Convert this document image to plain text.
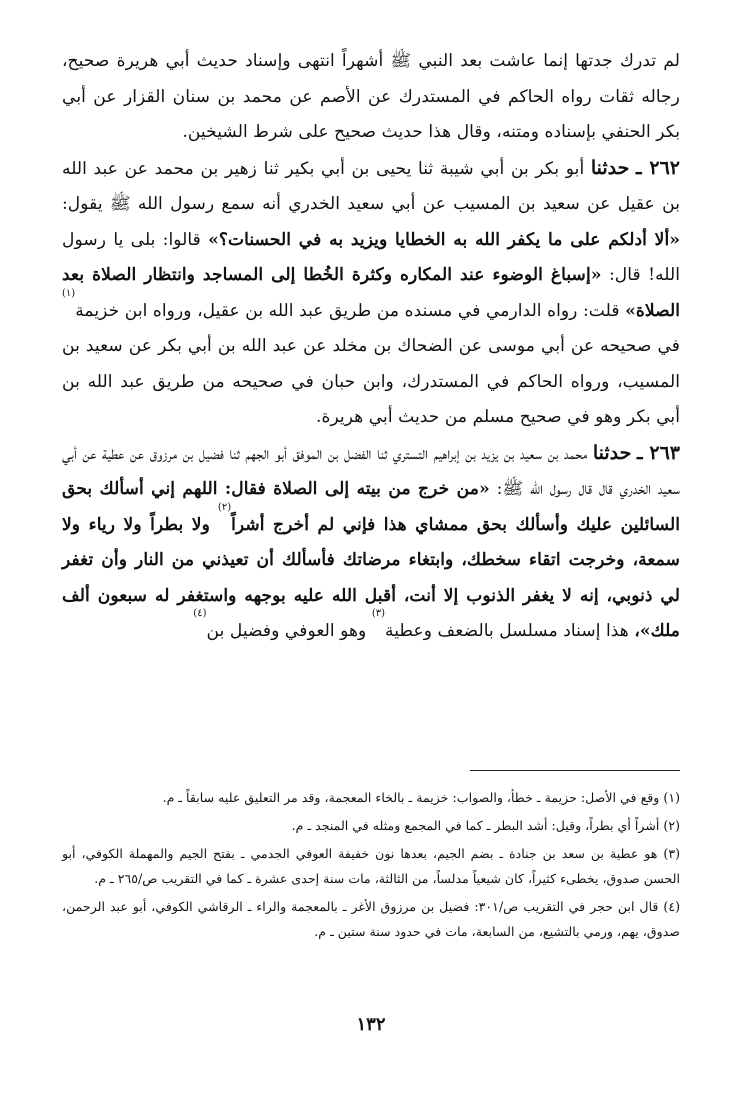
لم تدرك جدتها إنما عاشت بعد النبي ﷺ أشهراً انتهى وإسناد حديث أبي هريرة صحيح، رجاله ثقات رواه الحاكم في المستدرك عن الأصم عن محمد بن سنان القزار عن أبي بكر الحنفي بإسناده ومتنه، وقال هذا حديث صحيح على شرط الشيخين.

٢٦٢ ـ حدثنا أبو بكر بن أبي شيبة ثنا يحيى بن أبي بكير ثنا زهير بن محمد عن عبد الله بن عقيل عن سعيد بن المسيب عن أبي سعيد الخدري أنه سمع رسول الله ﷺ يقول: «ألا أدلكم على ما يكفر الله به الخطايا ويزيد به في الحسنات؟» قالوا: بلى يا رسول الله! قال: «إسباغ الوضوء عند المكاره وكثرة الخُطا إلى المساجد وانتظار الصلاة بعد الصلاة» قلت: رواه الدارمي في مسنده من طريق عبد الله بن عقيل، ورواه ابن خزيمة$^{(١)}$ في صحيحه عن أبي موسى عن الضحاك بن مخلد عن عبد الله بن أبي بكر عن سعيد بن المسيب، ورواه الحاكم في المستدرك، وابن حبان في صحيحه من طريق عبد الله بن أبي بكر وهو في صحيح مسلم من حديث أبي هريرة.

٢٦٣ ـ حدثنا محمد بن سعيد بن يزيد بن إبراهيم التستري ثنا الفضل بن الموفق أبو الجهم ثنا فضيل بن مرزوق عن عطية عن أبي سعيد الخدري قال قال رسول الله ﷺ: «من خرج من بيته إلى الصلاة فقال: اللهم إني أسألك بحق السائلين عليك وأسألك بحق ممشاي هذا فإني لم أخرج أشراً$^{(٢)}$ ولا بطراً ولا رياء ولا سمعة، وخرجت اتقاء سخطك، وابتغاء مرضاتك فأسألك أن تعيذني من النار وأن تغفر لي ذنوبي، إنه لا يغفر الذنوب إلا أنت، أقبل الله عليه بوجهه واستغفر له سبعون ألف ملك»، هذا إسناد مسلسل بالضعف وعطية$^{(٣)}$ وهو العوفي وفضيل بن$^{(٤)}$

(١) وقع في الأصل: حزيمة ـ خطأ، والصواب: خزيمة ـ بالخاء المعجمة، وقد مر التعليق عليه سابقاً ـ م.

(٢) أشراً أي بطراً، وقيل: أشد البطر ـ كما في المجمع ومثله في المنجد ـ م.

(٣) هو عطية بن سعد بن جنادة ـ بضم الجيم، بعدها نون خفيفة العوفي الجدمي ـ بفتح الجيم والمهملة الكوفي، أبو الحسن صدوق، يخطىء كثيراً، كان شيعياً مدلساً، من الثالثة، مات سنة إحدى عشرة ـ كما في التقريب ص/٢٦٥ ـ م.

(٤) قال ابن حجر في التقريب ص/٣٠١: فضيل بن مرزوق الأغر ـ بالمعجمة والراء ـ الرقاشي الكوفي، أبو عبد الرحمن، صدوق، يهم، ورمي بالتشيع، من السابعة، مات في حدود سنة ستين ـ م.

١٣٢
